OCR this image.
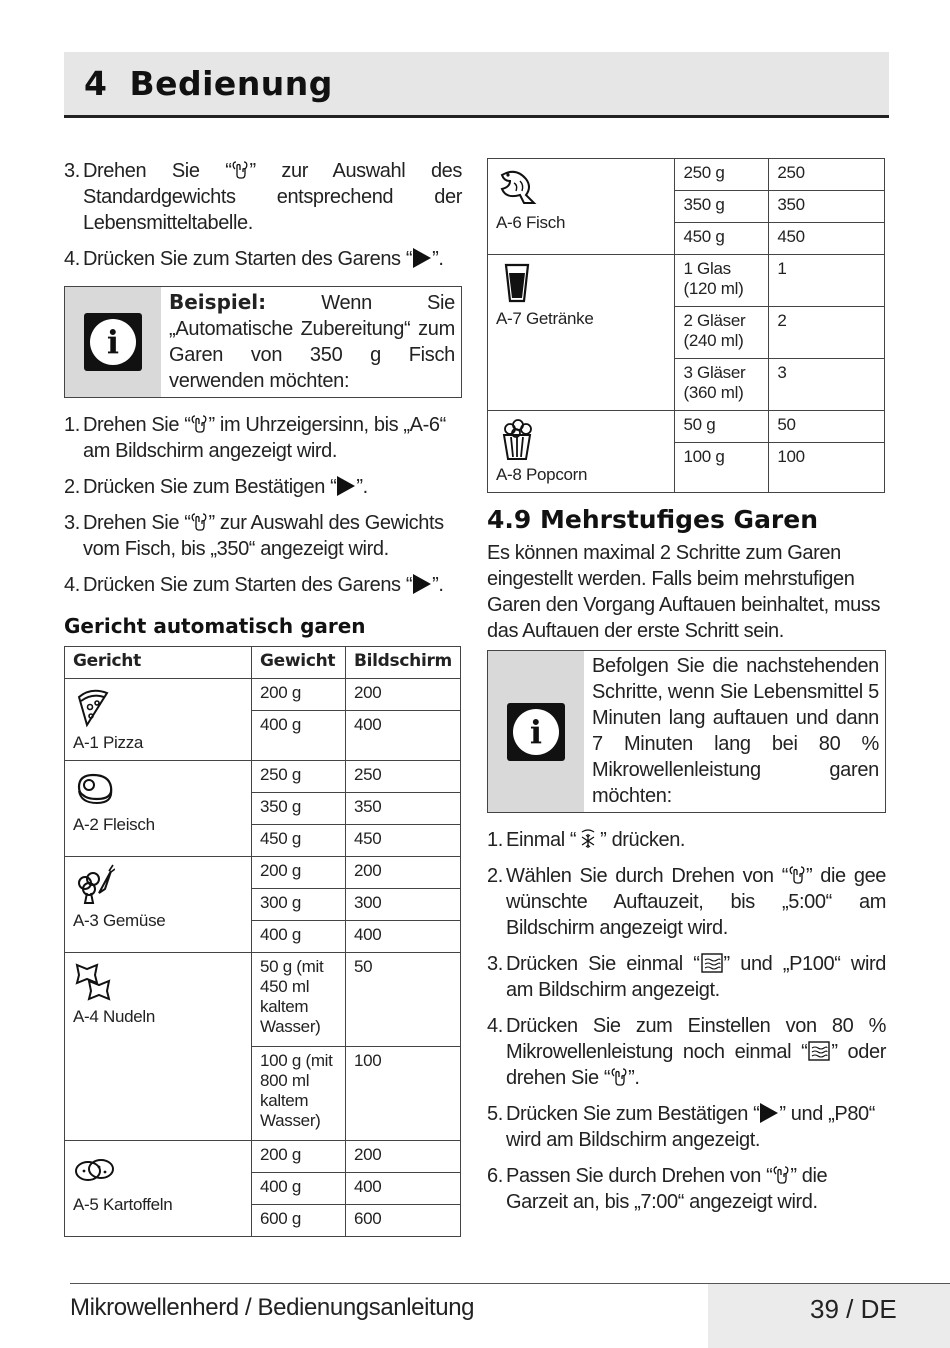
4 Bedienung
3. Drehen Sie “ ” zur Auswahl des Standardgewichts entsprechend der Lebensmitteltabelle.
4. Drücken Sie zum Starten des Garens “ ”.
i
Beispiel: Wenn Sie „Automatische Zubereitung“ zum Garen von 350 g Fisch verwenden möchten:
1. Drehen Sie “ ” im Uhrzeigersinn, bis „A-6“ am Bildschirm angezeigt wird.
2. Drücken Sie zum Bestätigen “ ”.
3. Drehen Sie “ ” zur Auswahl des Gewichts vom Fisch, bis „350“ angezeigt wird.
4. Drücken Sie zum Starten des Garens “ ”.
Gericht automatisch garen
Gericht	Gewicht	Bildschirm

A-1 Pizza	200 g	200
	400 g	400

A-2 Fleisch	250 g	250
	350 g	350
	450 g	450

A-3 Gemüse	200 g	200
	300 g	300
	400 g	400

A-4 Nudeln	50 g (mit 450 ml kaltem Wasser)	50
	100 g (mit 800 ml kaltem Wasser)	100

A-5 Kartoffeln	200 g	200
	400 g	400
	600 g	600
A-6 Fisch	250 g	250
	350 g	350
	450 g	450

A-7 Getränke	1 Glas (120 ml)	1
	2 Gläser (240 ml)	2
	3 Gläser (360 ml)	3

A-8 Popcorn	50 g	50
	100 g	100
4.9 Mehrstufiges Garen

Es können maximal 2 Schritte zum Garen eingestellt werden. Falls beim mehrstufigen Garen den Vorgang Auftauen beinhaltet, muss das Auftauen der erste Schritt sein.

i
Befolgen Sie die nachstehenden Schritte, wenn Sie Lebensmittel 5 Minuten lang auftauen und dann 7 Minuten lang bei 80 % Mikrowellenleistung garen möchten:
1. Einmal “ ” drücken.
2. Wählen Sie durch Drehen von “ ” die gee wünschte Auftauzeit, bis „5:00“ am Bildschirm angezeigt wird.
3. Drücken Sie einmal “ ” und „P100“ wird am Bildschirm angezeigt.
4. Drücken Sie zum Einstellen von 80 % Mikrowellenleistung noch einmal “ ” oder drehen Sie “ ”.
5. Drücken Sie zum Bestätigen “ ” und „P80“ wird am Bildschirm angezeigt.
6. Passen Sie durch Drehen von “ ” die Garzeit an, bis „7:00“ angezeigt wird.
Mikrowellenherd / Bedienungsanleitung	39 / DE
